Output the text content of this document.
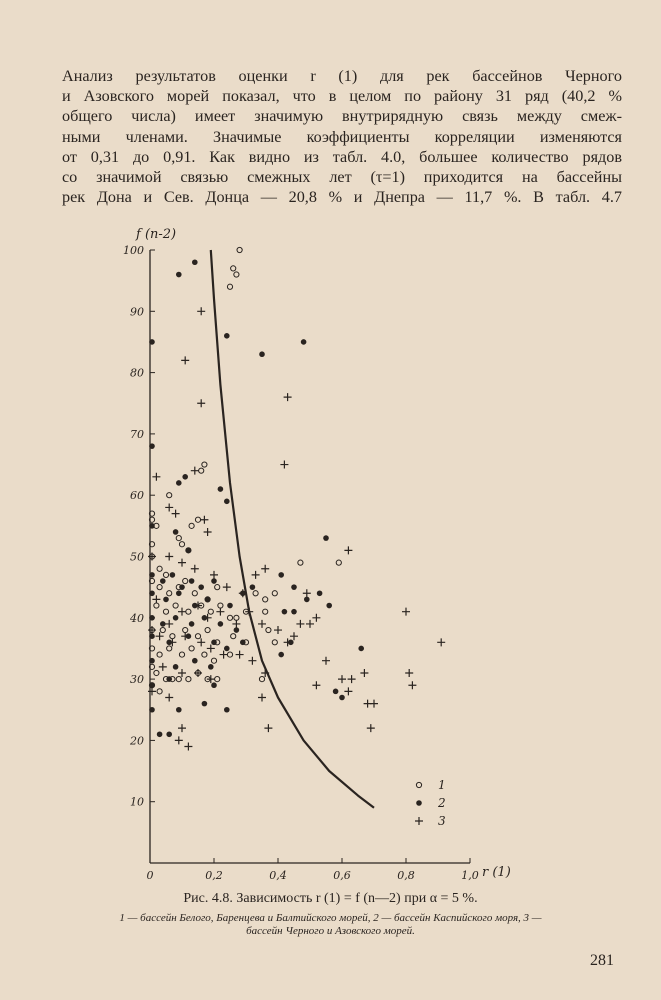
Анализ результатов оценки r (1) для рек бассейнов Черного
и Азовского морей показал, что в целом по району 31 ряд (40,2 %
общего числа) имеет значимую внутрирядную связь между смеж-
ными членами. Значимые коэффициенты корреляции изменяются
от 0,31 до 0,91. Как видно из табл. 4.0, большее количество рядов
со значимой связью смежных лет (τ=1) приходится на бассейны
рек Дона и Сев. Донца — 20,8 % и Днепра — 11,7 %. В табл. 4.7
10
20
30
40
50
60
70
80
90
100
0	0,2	0,4	0,6	0,8	1,0
1
2
3
f (n-2)
r (1)
Рис. 4.8. Зависимость r (1) = f (n—2) при α = 5 %.
1 — бассейн Белого, Баренцева и Балтийского морей, 2 — бассейн Каспийского моря, 3 —
бассейн Черного и Азовского морей.
281
